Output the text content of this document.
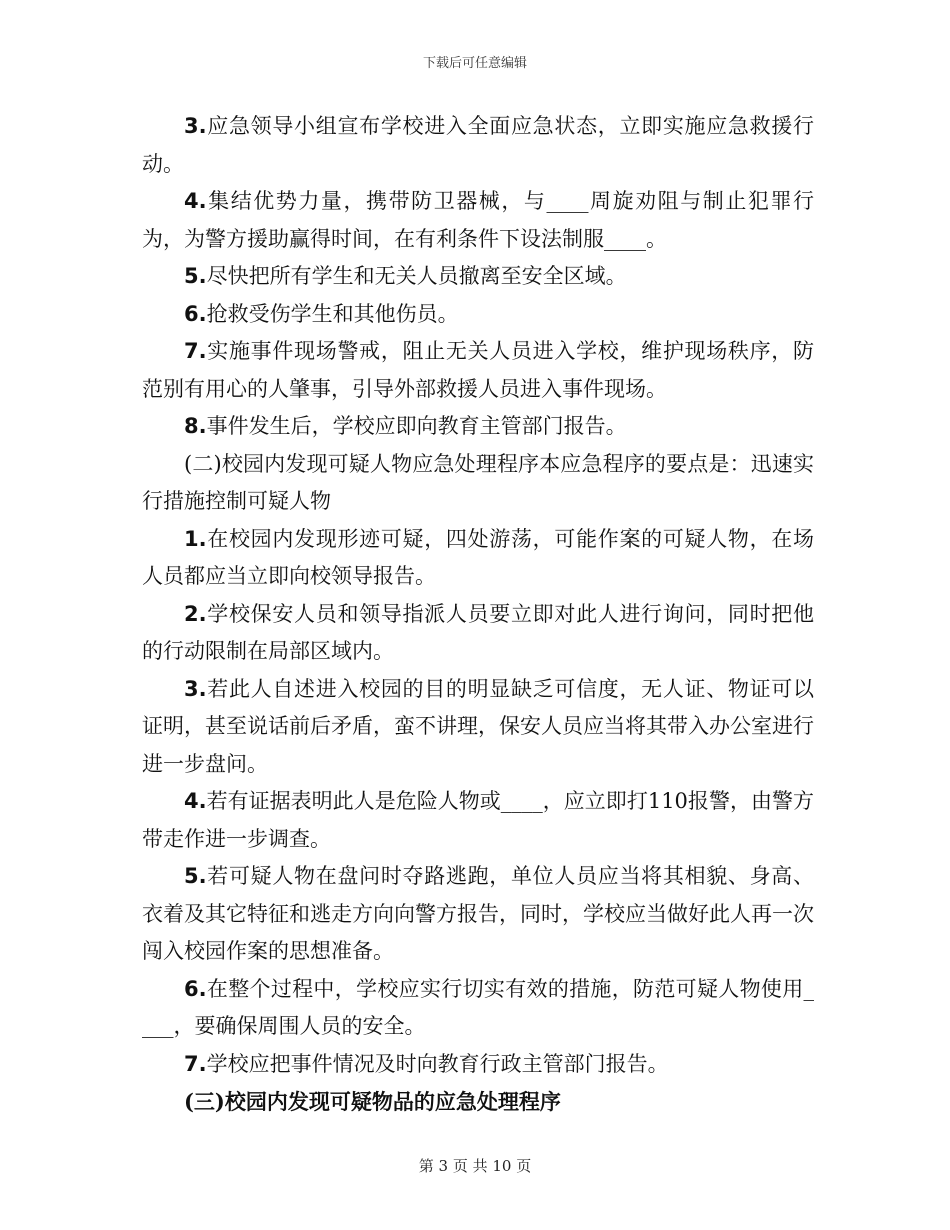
下载后可任意编辑

3.应急领导小组宣布学校进入全面应急状态，立即实施应急救援行动。

4.集结优势力量，携带防卫器械，与____周旋劝阻与制止犯罪行为，为警方援助赢得时间，在有利条件下设法制服____。

5.尽快把所有学生和无关人员撤离至安全区域。

6.抢救受伤学生和其他伤员。

7.实施事件现场警戒，阻止无关人员进入学校，维护现场秩序，防范别有用心的人肇事，引导外部救援人员进入事件现场。

8.事件发生后，学校应即向教育主管部门报告。

(二)校园内发现可疑人物应急处理程序本应急程序的要点是：迅速实行措施控制可疑人物

1.在校园内发现形迹可疑，四处游荡，可能作案的可疑人物，在场人员都应当立即向校领导报告。

2.学校保安人员和领导指派人员要立即对此人进行询问，同时把他的行动限制在局部区域内。

3.若此人自述进入校园的目的明显缺乏可信度，无人证、物证可以证明，甚至说话前后矛盾，蛮不讲理，保安人员应当将其带入办公室进行进一步盘问。

4.若有证据表明此人是危险人物或____，应立即打110报警，由警方带走作进一步调查。

5.若可疑人物在盘问时夺路逃跑，单位人员应当将其相貌、身高、衣着及其它特征和逃走方向向警方报告，同时，学校应当做好此人再一次闯入校园作案的思想准备。

6.在整个过程中，学校应实行切实有效的措施，防范可疑人物使用____，要确保周围人员的安全。

7.学校应把事件情况及时向教育行政主管部门报告。

(三)校园内发现可疑物品的应急处理程序

第 3 页 共 10 页
